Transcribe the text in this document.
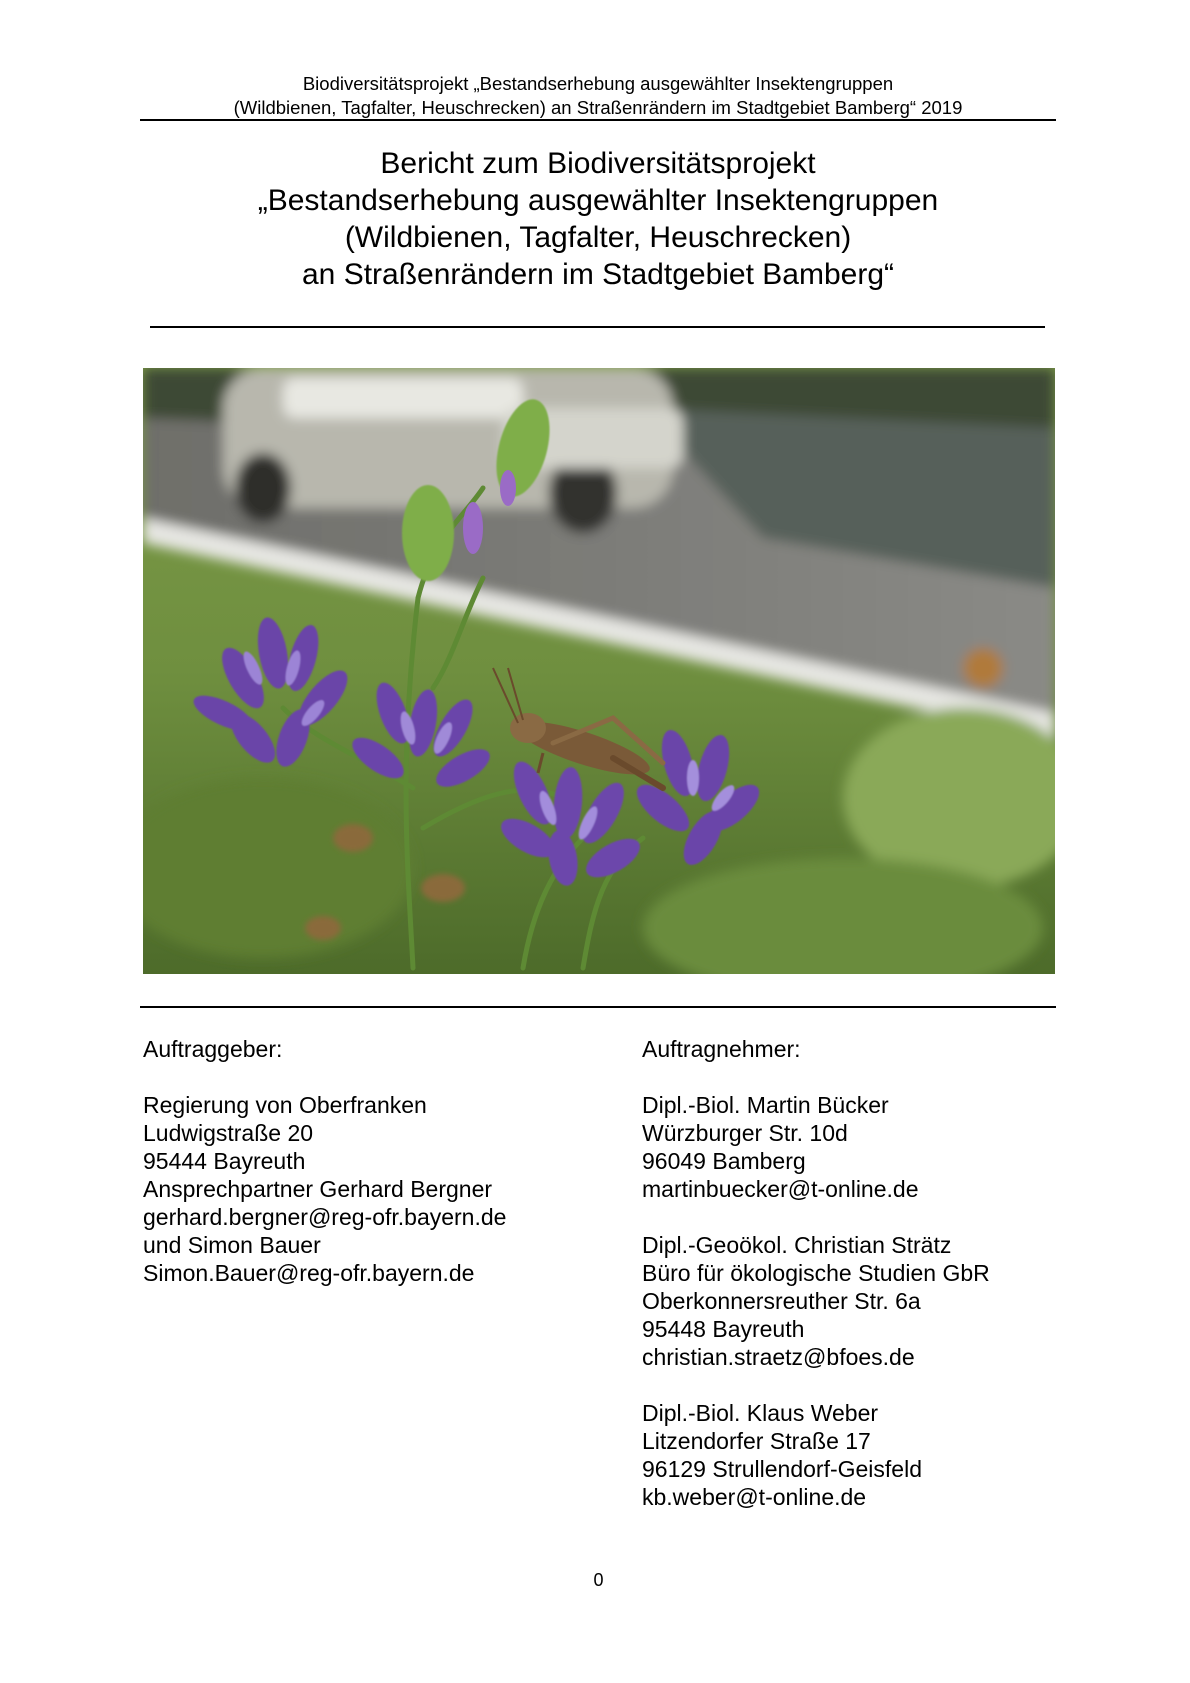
Biodiversitätsprojekt „Bestandserhebung ausgewählter Insektengruppen
(Wildbienen, Tagfalter, Heuschrecken) an Straßenrändern im Stadtgebiet Bamberg“ 2019
Bericht zum Biodiversitätsprojekt
„Bestandserhebung ausgewählter Insektengruppen
(Wildbienen, Tagfalter, Heuschrecken)
an Straßenrändern im Stadtgebiet Bamberg“
Auftraggeber:
Regierung von Oberfranken
Ludwigstraße 20
95444 Bayreuth
Ansprechpartner Gerhard Bergner
gerhard.bergner@reg-ofr.bayern.de
und Simon Bauer
Simon.Bauer@reg-ofr.bayern.de
Auftragnehmer:
Dipl.-Biol. Martin Bücker
Würzburger Str. 10d
96049 Bamberg
martinbuecker@t-online.de
Dipl.-Geoökol. Christian Strätz
Büro für ökologische Studien GbR
Oberkonnersreuther Str. 6a
95448 Bayreuth
christian.straetz@bfoes.de
Dipl.-Biol. Klaus Weber
Litzendorfer Straße 17
96129 Strullendorf-Geisfeld
kb.weber@t-online.de
0
